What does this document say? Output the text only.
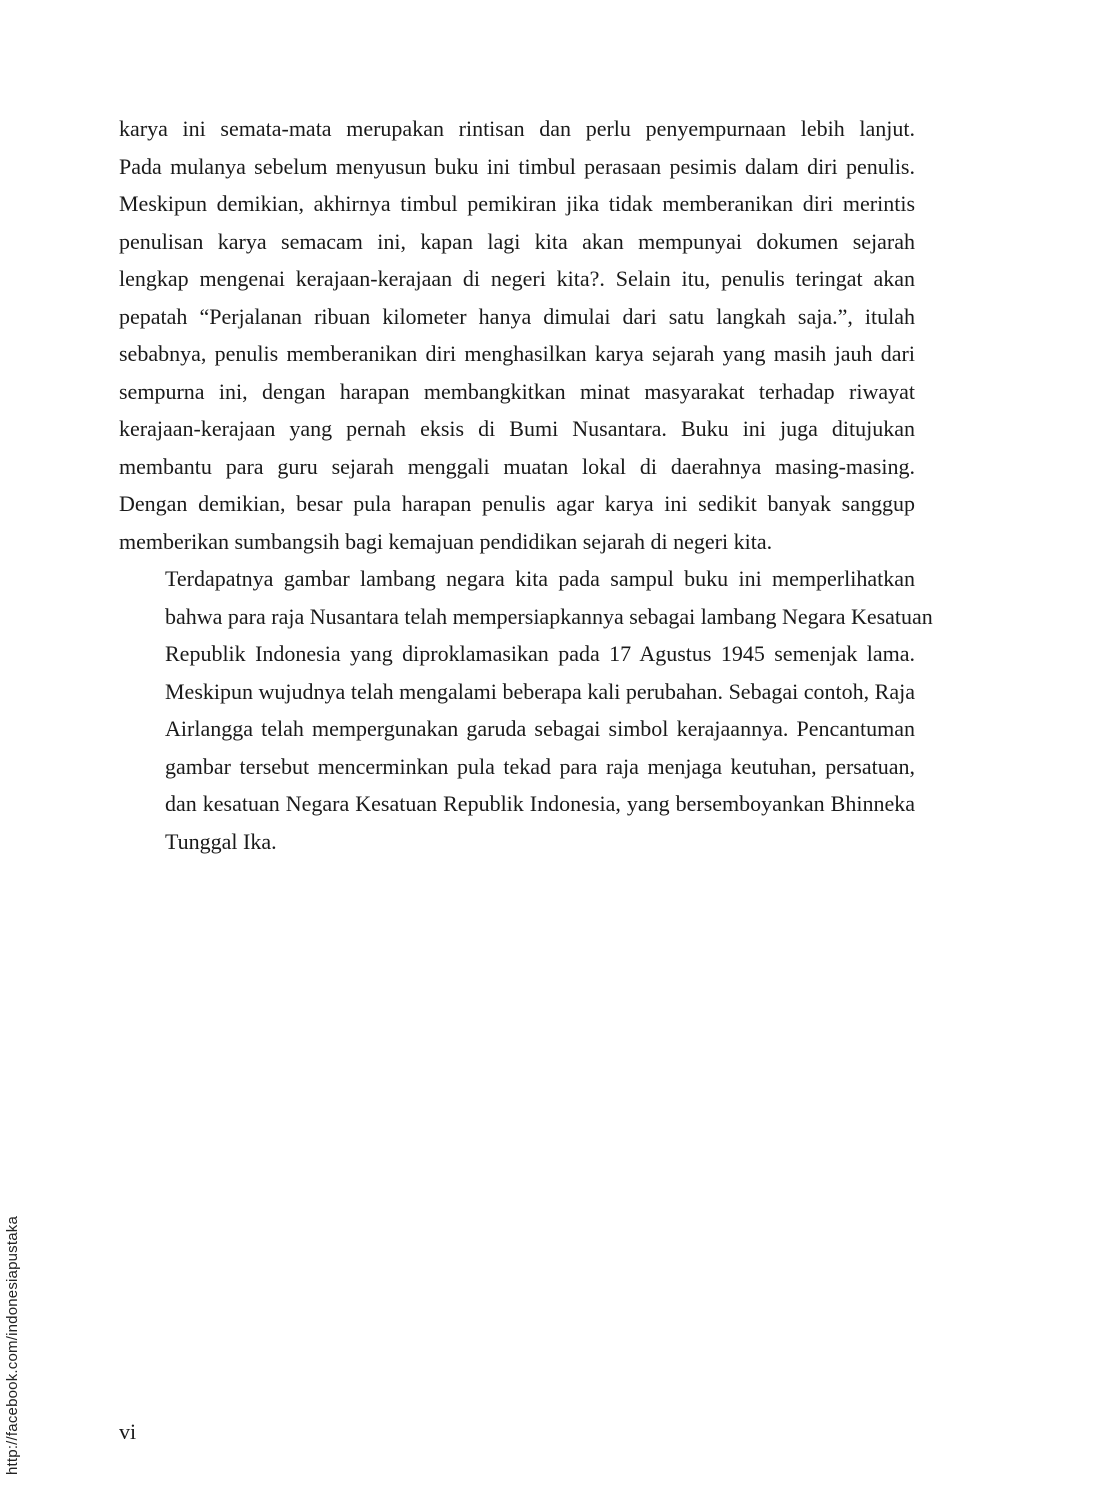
karya ini semata-mata merupakan rintisan dan perlu penyempurnaan lebih lanjut.
Pada mulanya sebelum menyusun buku ini timbul perasaan pesimis dalam diri penulis.
Meskipun demikian, akhirnya timbul pemikiran jika tidak memberanikan diri merintis
penulisan karya semacam ini, kapan lagi kita akan mempunyai dokumen sejarah
lengkap mengenai kerajaan-kerajaan di negeri kita?. Selain itu, penulis teringat akan
pepatah “Perjalanan ribuan kilometer hanya dimulai dari satu langkah saja.”, itulah
sebabnya, penulis memberanikan diri menghasilkan karya sejarah yang masih jauh dari
sempurna ini, dengan harapan membangkitkan minat masyarakat terhadap riwayat
kerajaan-kerajaan yang pernah eksis di Bumi Nusantara. Buku ini juga ditujukan
membantu para guru sejarah menggali muatan lokal di daerahnya masing-masing.
Dengan demikian, besar pula harapan penulis agar karya ini sedikit banyak sanggup
memberikan sumbangsih bagi kemajuan pendidikan sejarah di negeri kita.

Terdapatnya gambar lambang negara kita pada sampul buku ini memperlihatkan
bahwa para raja Nusantara telah mempersiapkannya sebagai lambang Negara Kesatuan
Republik Indonesia yang diproklamasikan pada 17 Agustus 1945 semenjak lama.
Meskipun wujudnya telah mengalami beberapa kali perubahan. Sebagai contoh, Raja
Airlangga telah mempergunakan garuda sebagai simbol kerajaannya. Pencantuman
gambar tersebut mencerminkan pula tekad para raja menjaga keutuhan, persatuan,
dan kesatuan Negara Kesatuan Republik Indonesia, yang bersemboyankan Bhinneka
Tunggal Ika.

vi
http://facebook.com/indonesiapustaka
